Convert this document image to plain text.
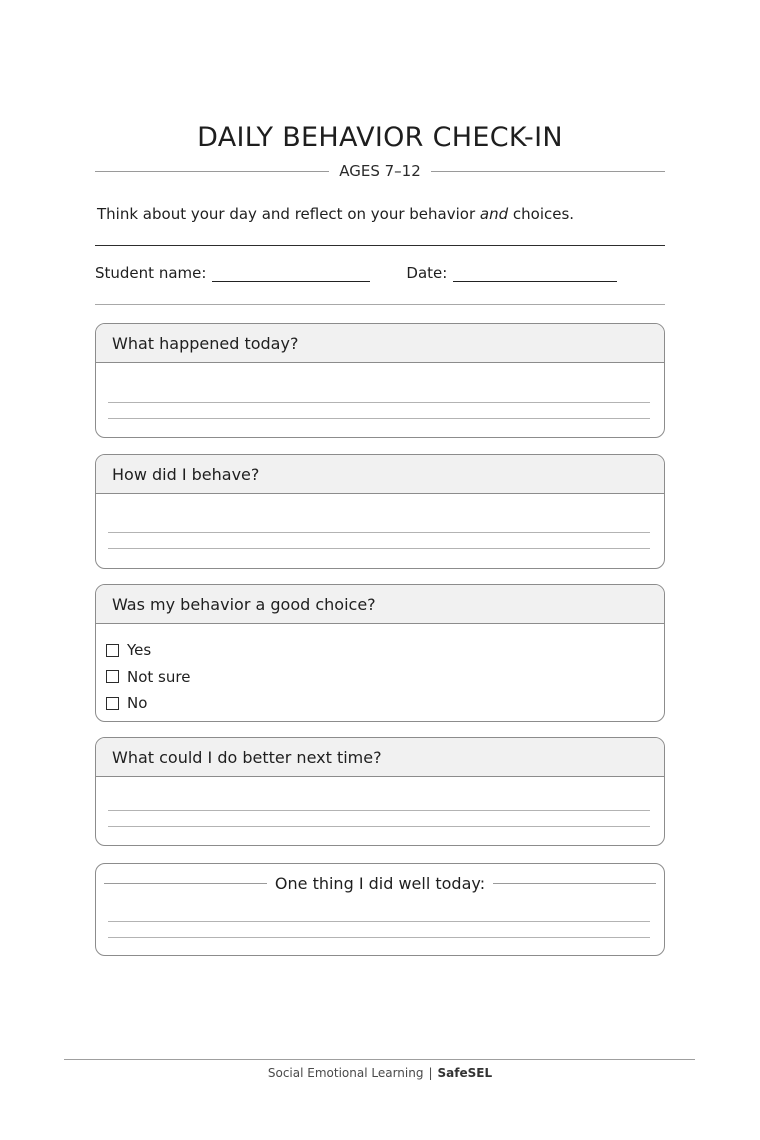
DAILY BEHAVIOR CHECK-IN
AGES 7–12
Think about your day and reflect on your behavior and choices.
Student name:	Date:
What happened today?
How did I behave?
Was my behavior a good choice?
Yes
Not sure
No
What could I do better next time?
One thing I did well today:
Social Emotional Learning | SafeSEL
